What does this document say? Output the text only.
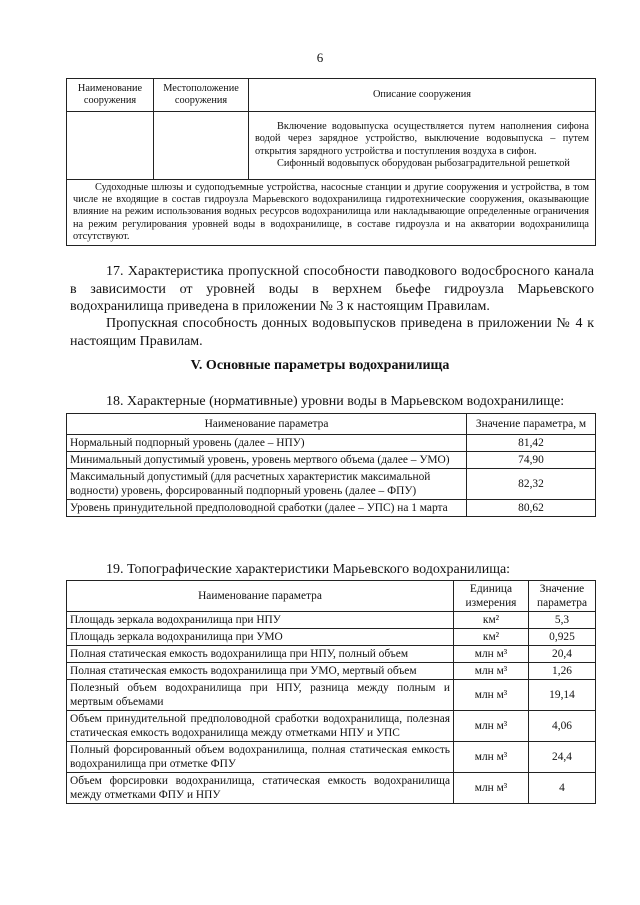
6
Наименование сооружения	Местоположение сооружения	Описание сооружения

		Включение водовыпуска осуществляется путем наполнения сифона водой через зарядное устройство, выключение водовыпуска – путем открытия зарядного устройства и поступления воздуха в сифон.
Сифонный водовыпуск оборудован рыбозаградительной решеткой

Судоходные шлюзы и судоподъемные устройства, насосные станции и другие сооружения и устройства, в том числе не входящие в состав гидроузла Марьевского водохранилища гидротехнические сооружения, оказывающие влияние на режим использования водных ресурсов водохранилища или накладывающие определенные ограничения на режим регулирования уровней воды в водохранилище, в составе гидроузла и на акватории водохранилища отсутствуют.		

17. Характеристика пропускной способности паводкового водосбросного канала в зависимости от уровней воды в верхнем бьефе гидроузла Марьевского водохранилища приведена в приложении № 3 к настоящим Правилам.

Пропускная способность донных водовыпусков приведена в приложении № 4 к настоящим Правилам.

V. Основные параметры водохранилища

18. Характерные (нормативные) уровни воды в Марьевском водохранилище:

Наименование параметра	Значение параметра, м
Нормальный подпорный уровень (далее – НПУ)	81,42
Минимальный допустимый уровень, уровень мертвого объема (далее – УМО)	74,90
Максимальный допустимый (для расчетных характеристик максимальной водности) уровень, форсированный подпорный уровень (далее – ФПУ)	82,32
Уровень принудительной предполоводной сработки (далее – УПС) на 1 марта	80,62

19. Топографические характеристики Марьевского водохранилища:

Наименование параметра	Единица измерения	Значение параметра
Площадь зеркала водохранилища при НПУ	км²	5,3
Площадь зеркала водохранилища при УМО	км²	0,925
Полная статическая емкость водохранилища при НПУ, полный объем	млн м³	20,4
Полная статическая емкость водохранилища при УМО, мертвый объем	млн м³	1,26
Полезный объем водохранилища при НПУ, разница между полным и мертвым объемами	млн м³	19,14
Объем принудительной предполоводной сработки водохранилища, полезная статическая емкость водохранилища между отметками НПУ и УПС	млн м³	4,06
Полный форсированный объем водохранилища, полная статическая емкость водохранилища при отметке ФПУ	млн м³	24,4
Объем форсировки водохранилища, статическая емкость водохранилища между отметками ФПУ и НПУ	млн м³	4
